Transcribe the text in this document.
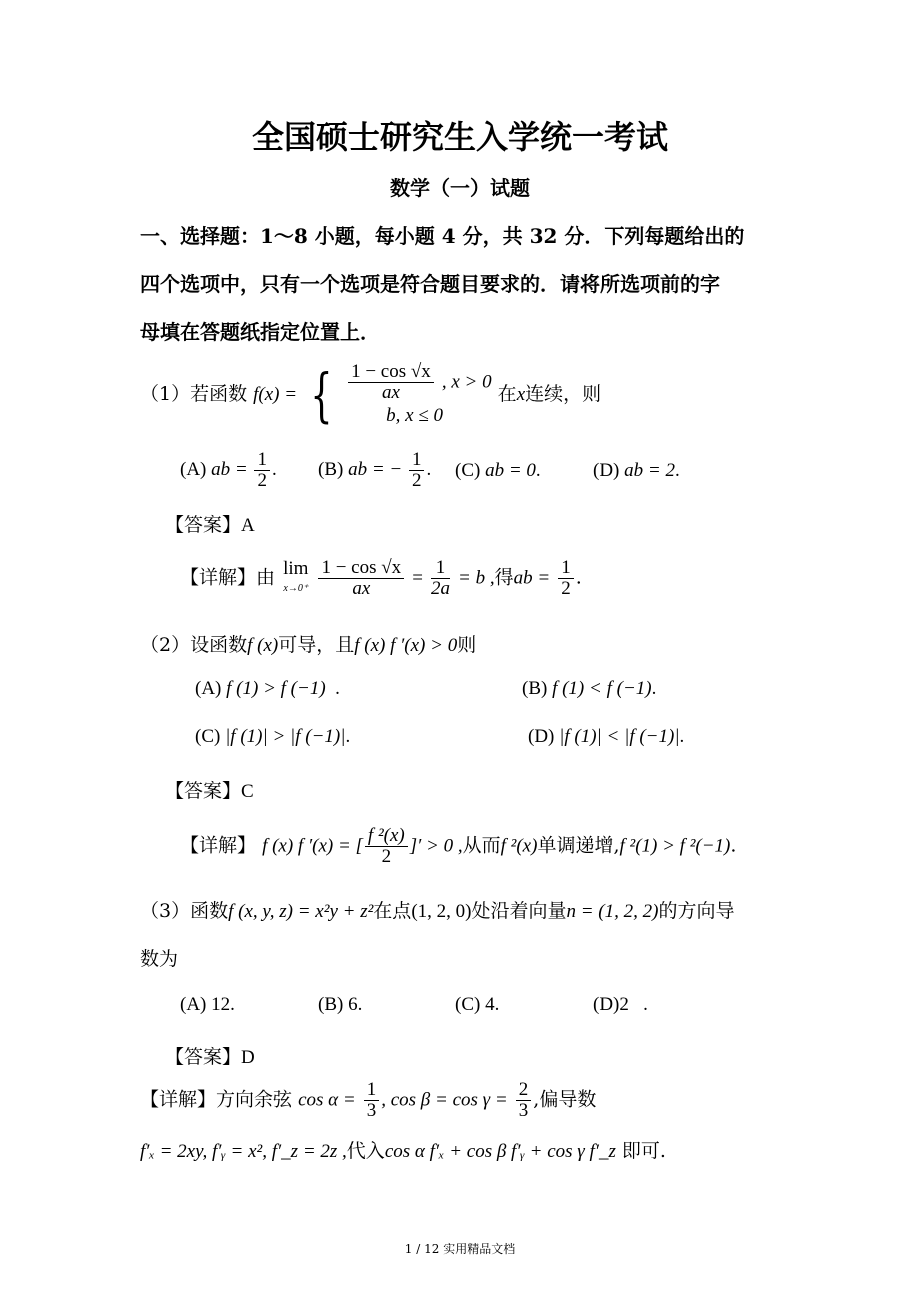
全国硕士研究生入学统一考试
数学（一）试题
一、选择题：1～8 小题，每小题 4 分，共 32 分．下列每题给出的
四个选项中，只有一个选项是符合题目要求的．请将所选项前的字
母填在答题纸指定位置上．
（1）若函数 f(x) = { $\frac{1 - \cos √x}{ax}$ , x > 0
b, x ≤ 0
在x连续，则
(A) ab = $\frac{1}{2}$ . (B) ab = − $\frac{1}{2}$ . (C) ab = 0.	(D) ab = 2.
【答案】A
【详解】由 lim
x→0⁺
$\frac{1 - \cos √x}{ax} = \frac{1}{2a} = b$ ,得ab = $\frac{1}{2}$ .
（2）设函数f (x)可导，且f (x) f ′(x) > 0则
(A) f (1) > f (−1)  .	(B) f (1) < f (−1).
(C) |f (1)| > |f (−1)|.	(D) |f (1)| < |f (−1)|.
【答案】C
【详解】 f (x) f ′(x) = [ $\frac{\text{f ²(x)}}{2}$ ]′ > 0 ,从而f ²(x)单调递增,f ²(1) > f ²(−1).
（3）函数f (x, y, z) = x²y + z²在点(1, 2, 0)处沿着向量n = (1, 2, 2)的方向导
数为
(A) 12.	(B) 6.	(C) 4.	(D)2   .
【答案】D
【详解】方向余弦 $\cos \alpha = \frac{1}{3}$ , $\cos \beta = \cos \gamma = \frac{2}{3}$ ,偏导数
f′ₓ = 2xy, f′ᵧ = x², f′_z = 2z ,代入cos α f′ₓ + cos β f′ᵧ + cos γ f′_z 即可.
1 / 12 实用精品文档
